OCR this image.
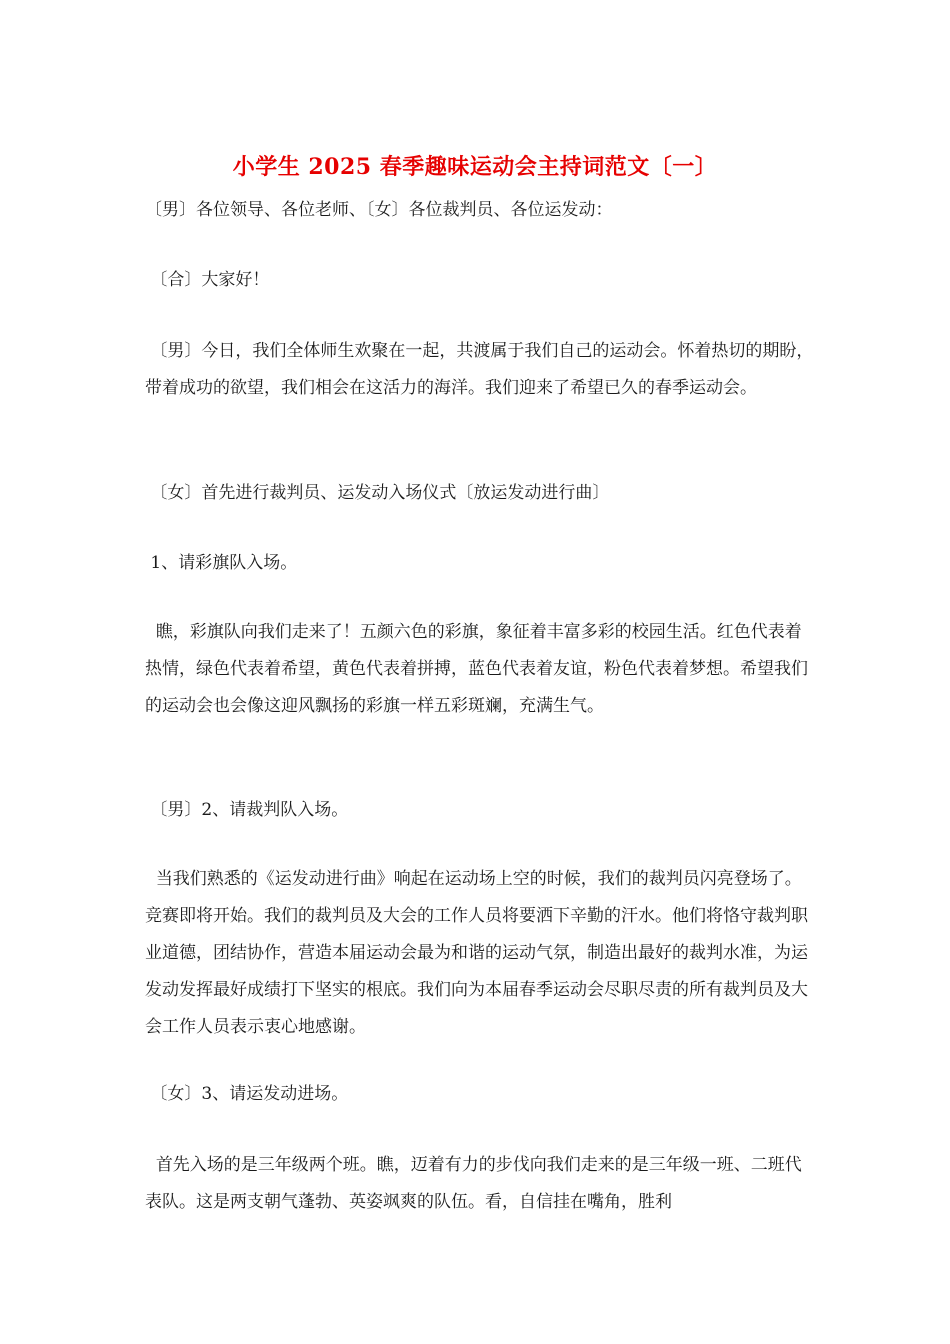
小学生 2025 春季趣味运动会主持词范文〔一〕

〔男〕各位领导、各位老师、〔女〕各位裁判员、各位运发动：

〔合〕大家好！

〔男〕今日，我们全体师生欢聚在一起，共渡属于我们自己的运动会。怀着热切的期盼，带着成功的欲望，我们相会在这活力的海洋。我们迎来了希望已久的春季运动会。

〔女〕首先进行裁判员、运发动入场仪式〔放运发动进行曲〕

1、请彩旗队入场。

瞧，彩旗队向我们走来了！五颜六色的彩旗，象征着丰富多彩的校园生活。红色代表着热情，绿色代表着希望，黄色代表着拼搏，蓝色代表着友谊，粉色代表着梦想。希望我们的运动会也会像这迎风飘扬的彩旗一样五彩斑斓，充满生气。

〔男〕2、请裁判队入场。

当我们熟悉的《运发动进行曲》响起在运动场上空的时候，我们的裁判员闪亮登场了。竞赛即将开始。我们的裁判员及大会的工作人员将要洒下辛勤的汗水。他们将恪守裁判职业道德，团结协作，营造本届运动会最为和谐的运动气氛，制造出最好的裁判水准，为运发动发挥最好成绩打下坚实的根底。我们向为本届春季运动会尽职尽责的所有裁判员及大会工作人员表示衷心地感谢。

〔女〕3、请运发动进场。

首先入场的是三年级两个班。瞧，迈着有力的步伐向我们走来的是三年级一班、二班代表队。这是两支朝气蓬勃、英姿飒爽的队伍。看，自信挂在嘴角，胜利
